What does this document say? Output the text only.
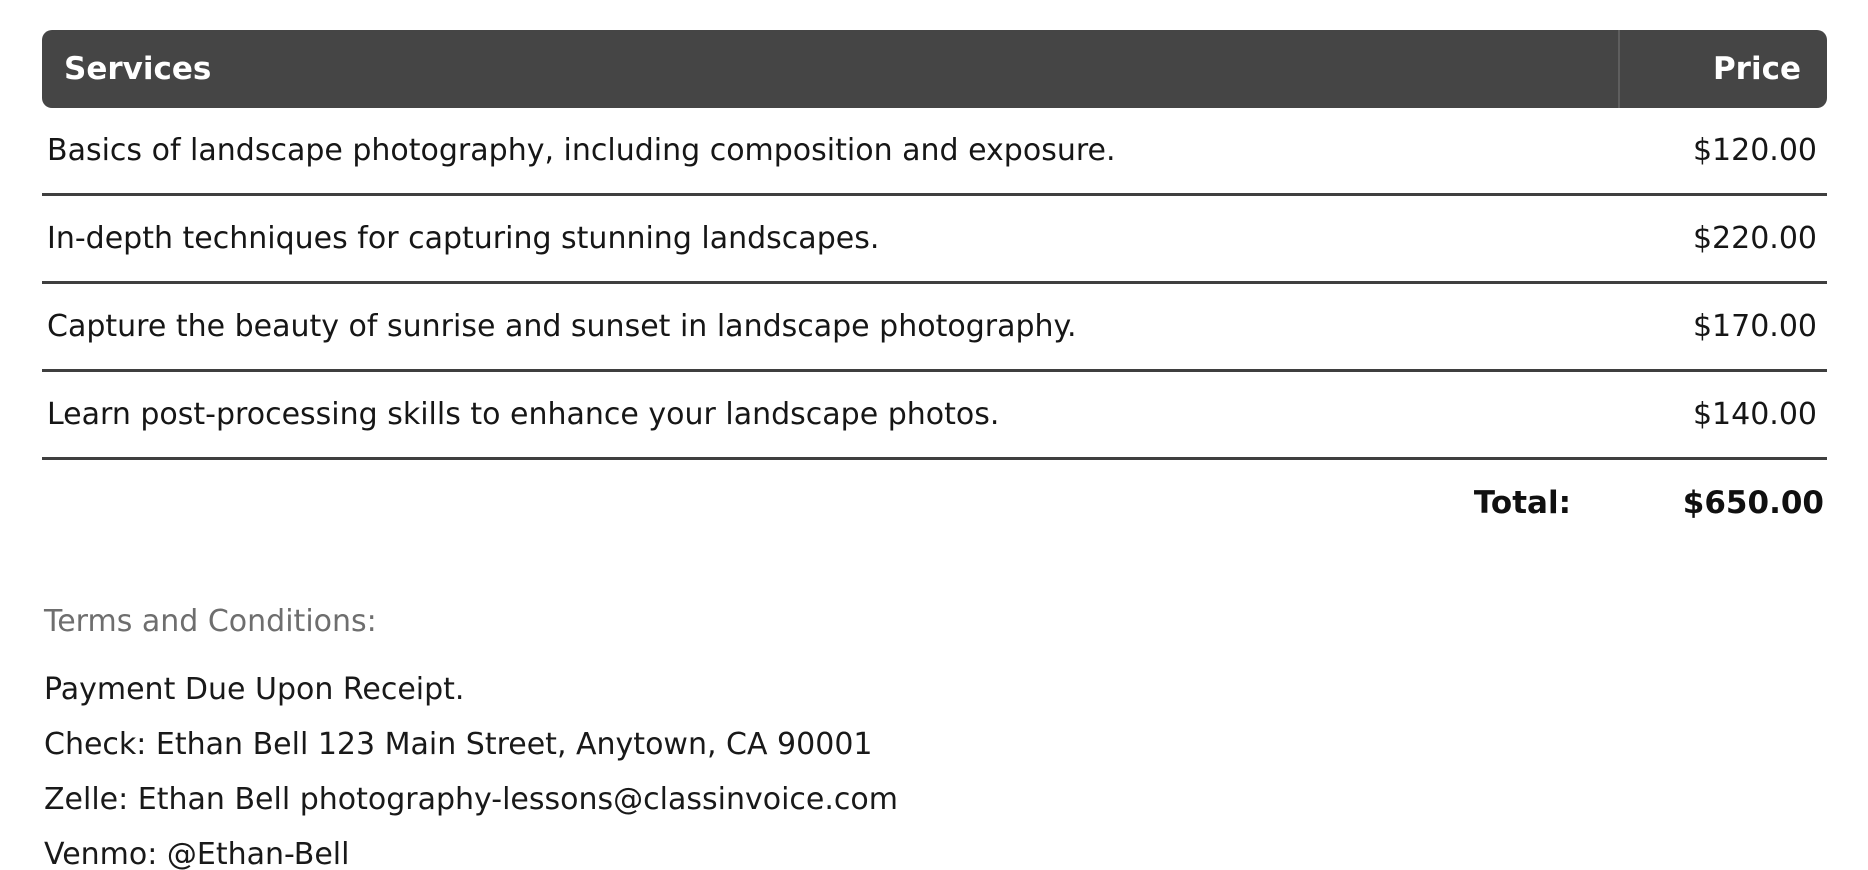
Services	Price
Basics of landscape photography, including composition and exposure.	$120.00
In-depth techniques for capturing stunning landscapes.	$220.00
Capture the beauty of sunrise and sunset in landscape photography.	$170.00
Learn post-processing skills to enhance your landscape photos.	$140.00
Total:	$650.00
Terms and Conditions:
Payment Due Upon Receipt.
Check: Ethan Bell 123 Main Street, Anytown, CA 90001
Zelle: Ethan Bell photography-lessons@classinvoice.com
Venmo: @Ethan-Bell
